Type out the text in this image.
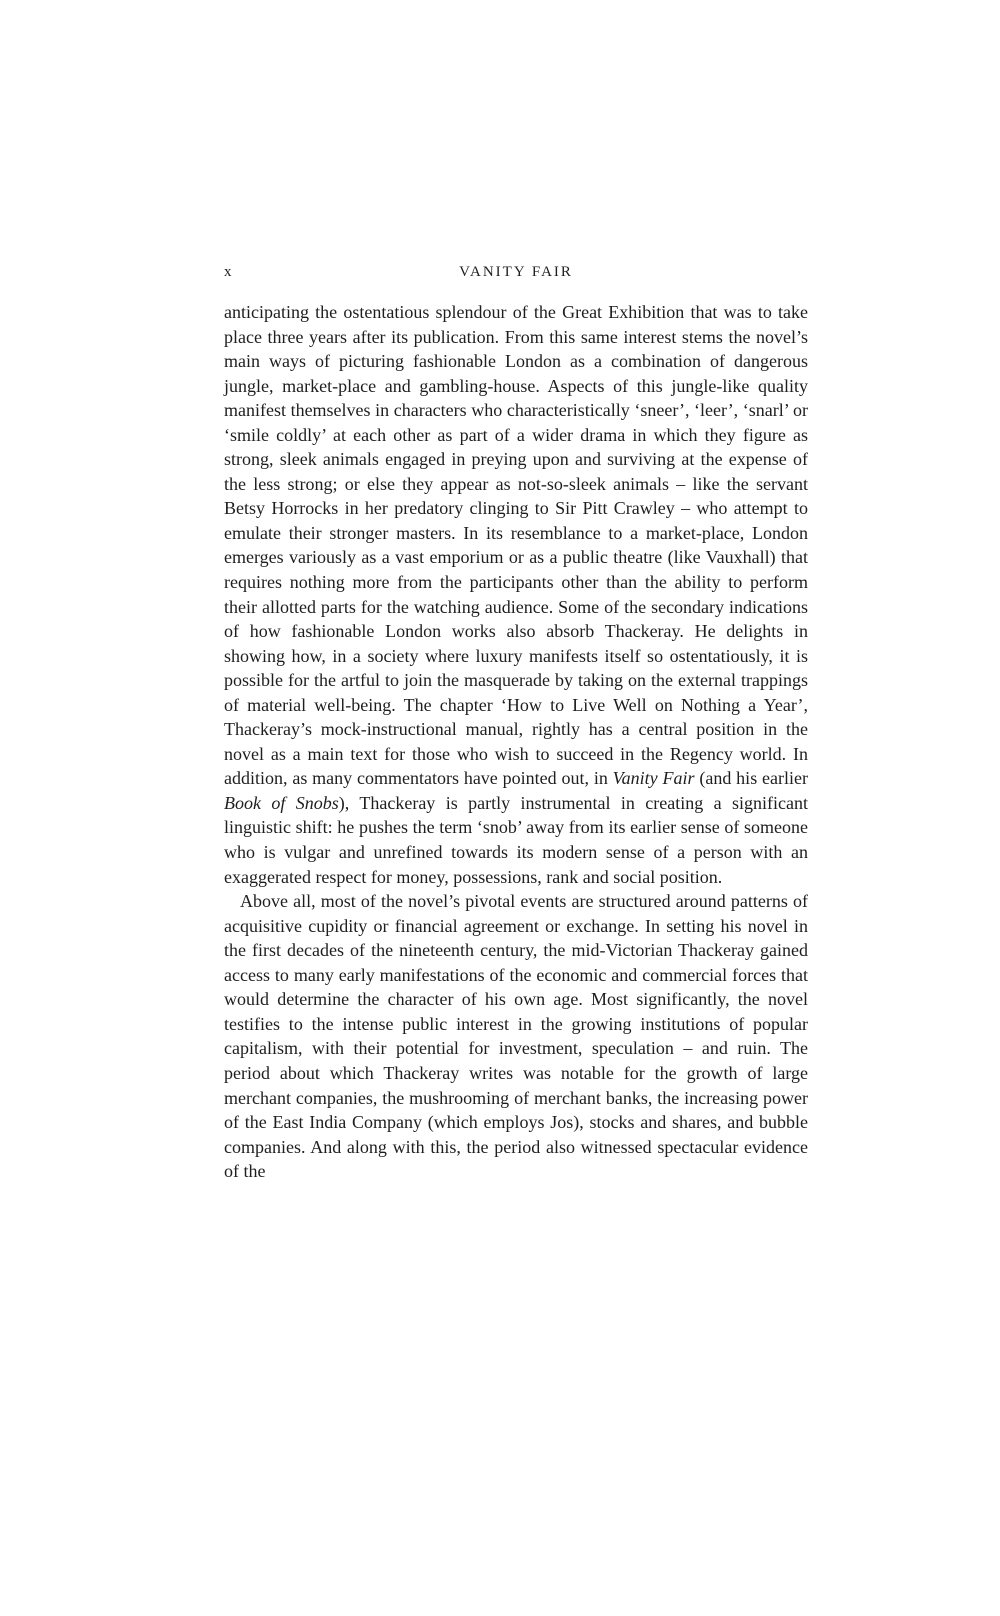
x	VANITY FAIR

anticipating the ostentatious splendour of the Great Exhibition that was to take place three years after its publication. From this same interest stems the novel’s main ways of picturing fashionable London as a combination of dangerous jungle, market-place and gambling-house. Aspects of this jungle-like quality manifest themselves in characters who characteristically ‘sneer’, ‘leer’, ‘snarl’ or ‘smile coldly’ at each other as part of a wider drama in which they figure as strong, sleek animals engaged in preying upon and surviving at the expense of the less strong; or else they appear as not-so-sleek animals – like the servant Betsy Horrocks in her predatory clinging to Sir Pitt Crawley – who attempt to emulate their stronger masters. In its resemblance to a market-place, London emerges variously as a vast emporium or as a public theatre (like Vauxhall) that requires nothing more from the participants other than the ability to perform their allotted parts for the watching audience. Some of the secondary indications of how fashionable London works also absorb Thackeray. He delights in showing how, in a society where luxury manifests itself so ostentatiously, it is possible for the artful to join the masquerade by taking on the external trappings of material well-being. The chapter ‘How to Live Well on Nothing a Year’, Thackeray’s mock-instructional manual, rightly has a central position in the novel as a main text for those who wish to succeed in the Regency world. In addition, as many commentators have pointed out, in Vanity Fair (and his earlier Book of Snobs), Thackeray is partly instrumental in creating a significant linguistic shift: he pushes the term ‘snob’ away from its earlier sense of someone who is vulgar and unrefined towards its modern sense of a person with an exaggerated respect for money, possessions, rank and social position.

Above all, most of the novel’s pivotal events are structured around patterns of acquisitive cupidity or financial agreement or exchange. In setting his novel in the first decades of the nineteenth century, the mid-Victorian Thackeray gained access to many early manifestations of the economic and commercial forces that would determine the character of his own age. Most significantly, the novel testifies to the intense public interest in the growing institutions of popular capitalism, with their potential for investment, speculation – and ruin. The period about which Thackeray writes was notable for the growth of large merchant companies, the mushrooming of merchant banks, the increasing power of the East India Company (which employs Jos), stocks and shares, and bubble companies. And along with this, the period also witnessed spectacular evidence of the
